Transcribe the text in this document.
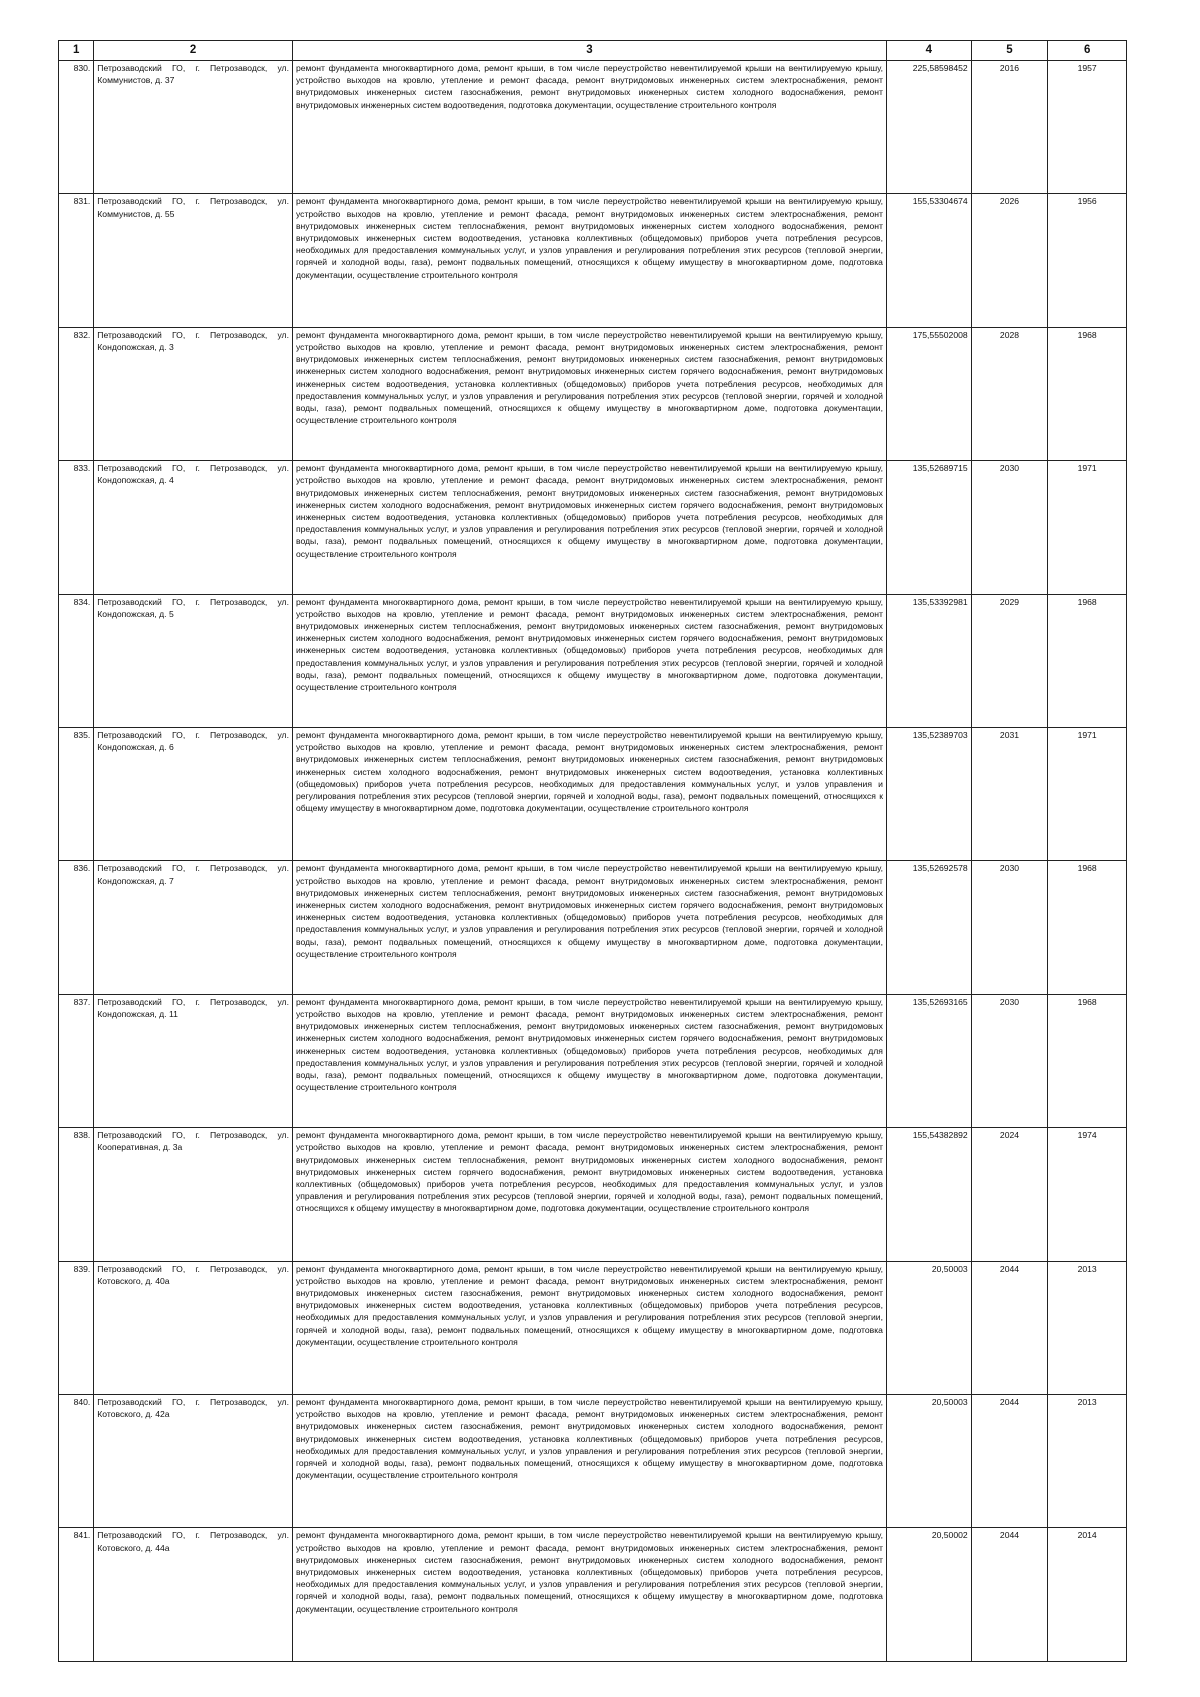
1	2	3	4	5	6
830.	Петрозаводский ГО, г. Петрозаводск, ул. Коммунистов, д. 37	ремонт фундамента многоквартирного дома, ремонт крыши, в том числе переустройство невентилируемой крыши на вентилируемую крышу, устройство выходов на кровлю, утепление и ремонт фасада, ремонт внутридомовых инженерных систем электроснабжения, ремонт внутридомовых инженерных систем газоснабжения, ремонт внутридомовых инженерных систем холодного водоснабжения, ремонт внутридомовых инженерных систем водоотведения, подготовка документации, осуществление строительного контроля	225,58598452	2016	1957
831.	Петрозаводский ГО, г. Петрозаводск, ул. Коммунистов, д. 55	ремонт фундамента многоквартирного дома, ремонт крыши, в том числе переустройство невентилируемой крыши на вентилируемую крышу, устройство выходов на кровлю, утепление и ремонт фасада, ремонт внутридомовых инженерных систем электроснабжения, ремонт внутридомовых инженерных систем теплоснабжения, ремонт внутридомовых инженерных систем холодного водоснабжения, ремонт внутридомовых инженерных систем водоотведения, установка коллективных (общедомовых) приборов учета потребления ресурсов, необходимых для предоставления коммунальных услуг, и узлов управления и регулирования потребления этих ресурсов (тепловой энергии, горячей и холодной воды, газа), ремонт подвальных помещений, относящихся к общему имуществу в многоквартирном доме, подготовка документации, осуществление строительного контроля	155,53304674	2026	1956
832.	Петрозаводский ГО, г. Петрозаводск, ул. Кондопожская, д. 3	ремонт фундамента многоквартирного дома, ремонт крыши, в том числе переустройство невентилируемой крыши на вентилируемую крышу, устройство выходов на кровлю, утепление и ремонт фасада, ремонт внутридомовых инженерных систем электроснабжения, ремонт внутридомовых инженерных систем теплоснабжения, ремонт внутридомовых инженерных систем газоснабжения, ремонт внутридомовых инженерных систем холодного водоснабжения, ремонт внутридомовых инженерных систем горячего водоснабжения, ремонт внутридомовых инженерных систем водоотведения, установка коллективных (общедомовых) приборов учета потребления ресурсов, необходимых для предоставления коммунальных услуг, и узлов управления и регулирования потребления этих ресурсов (тепловой энергии, горячей и холодной воды, газа), ремонт подвальных помещений, относящихся к общему имуществу в многоквартирном доме, подготовка документации, осуществление строительного контроля	175,55502008	2028	1968
833.	Петрозаводский ГО, г. Петрозаводск, ул. Кондопожская, д. 4	ремонт фундамента многоквартирного дома, ремонт крыши, в том числе переустройство невентилируемой крыши на вентилируемую крышу, устройство выходов на кровлю, утепление и ремонт фасада, ремонт внутридомовых инженерных систем электроснабжения, ремонт внутридомовых инженерных систем теплоснабжения, ремонт внутридомовых инженерных систем газоснабжения, ремонт внутридомовых инженерных систем холодного водоснабжения, ремонт внутридомовых инженерных систем горячего водоснабжения, ремонт внутридомовых инженерных систем водоотведения, установка коллективных (общедомовых) приборов учета потребления ресурсов, необходимых для предоставления коммунальных услуг, и узлов управления и регулирования потребления этих ресурсов (тепловой энергии, горячей и холодной воды, газа), ремонт подвальных помещений, относящихся к общему имуществу в многоквартирном доме, подготовка документации, осуществление строительного контроля	135,52689715	2030	1971
834.	Петрозаводский ГО, г. Петрозаводск, ул. Кондопожская, д. 5	ремонт фундамента многоквартирного дома, ремонт крыши, в том числе переустройство невентилируемой крыши на вентилируемую крышу, устройство выходов на кровлю, утепление и ремонт фасада, ремонт внутридомовых инженерных систем электроснабжения, ремонт внутридомовых инженерных систем теплоснабжения, ремонт внутридомовых инженерных систем газоснабжения, ремонт внутридомовых инженерных систем холодного водоснабжения, ремонт внутридомовых инженерных систем горячего водоснабжения, ремонт внутридомовых инженерных систем водоотведения, установка коллективных (общедомовых) приборов учета потребления ресурсов, необходимых для предоставления коммунальных услуг, и узлов управления и регулирования потребления этих ресурсов (тепловой энергии, горячей и холодной воды, газа), ремонт подвальных помещений, относящихся к общему имуществу в многоквартирном доме, подготовка документации, осуществление строительного контроля	135,53392981	2029	1968
835.	Петрозаводский ГО, г. Петрозаводск, ул. Кондопожская, д. 6	ремонт фундамента многоквартирного дома, ремонт крыши, в том числе переустройство невентилируемой крыши на вентилируемую крышу, устройство выходов на кровлю, утепление и ремонт фасада, ремонт внутридомовых инженерных систем электроснабжения, ремонт внутридомовых инженерных систем теплоснабжения, ремонт внутридомовых инженерных систем газоснабжения, ремонт внутридомовых инженерных систем холодного водоснабжения, ремонт внутридомовых инженерных систем водоотведения, установка коллективных (общедомовых) приборов учета потребления ресурсов, необходимых для предоставления коммунальных услуг, и узлов управления и регулирования потребления этих ресурсов (тепловой энергии, горячей и холодной воды, газа), ремонт подвальных помещений, относящихся к общему имуществу в многоквартирном доме, подготовка документации, осуществление строительного контроля	135,52389703	2031	1971
836.	Петрозаводский ГО, г. Петрозаводск, ул. Кондопожская, д. 7	ремонт фундамента многоквартирного дома, ремонт крыши, в том числе переустройство невентилируемой крыши на вентилируемую крышу, устройство выходов на кровлю, утепление и ремонт фасада, ремонт внутридомовых инженерных систем электроснабжения, ремонт внутридомовых инженерных систем теплоснабжения, ремонт внутридомовых инженерных систем газоснабжения, ремонт внутридомовых инженерных систем холодного водоснабжения, ремонт внутридомовых инженерных систем горячего водоснабжения, ремонт внутридомовых инженерных систем водоотведения, установка коллективных (общедомовых) приборов учета потребления ресурсов, необходимых для предоставления коммунальных услуг, и узлов управления и регулирования потребления этих ресурсов (тепловой энергии, горячей и холодной воды, газа), ремонт подвальных помещений, относящихся к общему имуществу в многоквартирном доме, подготовка документации, осуществление строительного контроля	135,52692578	2030	1968
837.	Петрозаводский ГО, г. Петрозаводск, ул. Кондопожская, д. 11	ремонт фундамента многоквартирного дома, ремонт крыши, в том числе переустройство невентилируемой крыши на вентилируемую крышу, устройство выходов на кровлю, утепление и ремонт фасада, ремонт внутридомовых инженерных систем электроснабжения, ремонт внутридомовых инженерных систем теплоснабжения, ремонт внутридомовых инженерных систем газоснабжения, ремонт внутридомовых инженерных систем холодного водоснабжения, ремонт внутридомовых инженерных систем горячего водоснабжения, ремонт внутридомовых инженерных систем водоотведения, установка коллективных (общедомовых) приборов учета потребления ресурсов, необходимых для предоставления коммунальных услуг, и узлов управления и регулирования потребления этих ресурсов (тепловой энергии, горячей и холодной воды, газа), ремонт подвальных помещений, относящихся к общему имуществу в многоквартирном доме, подготовка документации, осуществление строительного контроля	135,52693165	2030	1968
838.	Петрозаводский ГО, г. Петрозаводск, ул. Кооперативная, д. 3а	ремонт фундамента многоквартирного дома, ремонт крыши, в том числе переустройство невентилируемой крыши на вентилируемую крышу, устройство выходов на кровлю, утепление и ремонт фасада, ремонт внутридомовых инженерных систем электроснабжения, ремонт внутридомовых инженерных систем теплоснабжения, ремонт внутридомовых инженерных систем холодного водоснабжения, ремонт внутридомовых инженерных систем горячего водоснабжения, ремонт внутридомовых инженерных систем водоотведения, установка коллективных (общедомовых) приборов учета потребления ресурсов, необходимых для предоставления коммунальных услуг, и узлов управления и регулирования потребления этих ресурсов (тепловой энергии, горячей и холодной воды, газа), ремонт подвальных помещений, относящихся к общему имуществу в многоквартирном доме, подготовка документации, осуществление строительного контроля	155,54382892	2024	1974
839.	Петрозаводский ГО, г. Петрозаводск, ул. Котовского, д. 40а	ремонт фундамента многоквартирного дома, ремонт крыши, в том числе переустройство невентилируемой крыши на вентилируемую крышу, устройство выходов на кровлю, утепление и ремонт фасада, ремонт внутридомовых инженерных систем электроснабжения, ремонт внутридомовых инженерных систем газоснабжения, ремонт внутридомовых инженерных систем холодного водоснабжения, ремонт внутридомовых инженерных систем водоотведения, установка коллективных (общедомовых) приборов учета потребления ресурсов, необходимых для предоставления коммунальных услуг, и узлов управления и регулирования потребления этих ресурсов (тепловой энергии, горячей и холодной воды, газа), ремонт подвальных помещений, относящихся к общему имуществу в многоквартирном доме, подготовка документации, осуществление строительного контроля	20,50003	2044	2013
840.	Петрозаводский ГО, г. Петрозаводск, ул. Котовского, д. 42а	ремонт фундамента многоквартирного дома, ремонт крыши, в том числе переустройство невентилируемой крыши на вентилируемую крышу, устройство выходов на кровлю, утепление и ремонт фасада, ремонт внутридомовых инженерных систем электроснабжения, ремонт внутридомовых инженерных систем газоснабжения, ремонт внутридомовых инженерных систем холодного водоснабжения, ремонт внутридомовых инженерных систем водоотведения, установка коллективных (общедомовых) приборов учета потребления ресурсов, необходимых для предоставления коммунальных услуг, и узлов управления и регулирования потребления этих ресурсов (тепловой энергии, горячей и холодной воды, газа), ремонт подвальных помещений, относящихся к общему имуществу в многоквартирном доме, подготовка документации, осуществление строительного контроля	20,50003	2044	2013
841.	Петрозаводский ГО, г. Петрозаводск, ул. Котовского, д. 44а	ремонт фундамента многоквартирного дома, ремонт крыши, в том числе переустройство невентилируемой крыши на вентилируемую крышу, устройство выходов на кровлю, утепление и ремонт фасада, ремонт внутридомовых инженерных систем электроснабжения, ремонт внутридомовых инженерных систем газоснабжения, ремонт внутридомовых инженерных систем холодного водоснабжения, ремонт внутридомовых инженерных систем водоотведения, установка коллективных (общедомовых) приборов учета потребления ресурсов, необходимых для предоставления коммунальных услуг, и узлов управления и регулирования потребления этих ресурсов (тепловой энергии, горячей и холодной воды, газа), ремонт подвальных помещений, относящихся к общему имуществу в многоквартирном доме, подготовка документации, осуществление строительного контроля	20,50002	2044	2014
